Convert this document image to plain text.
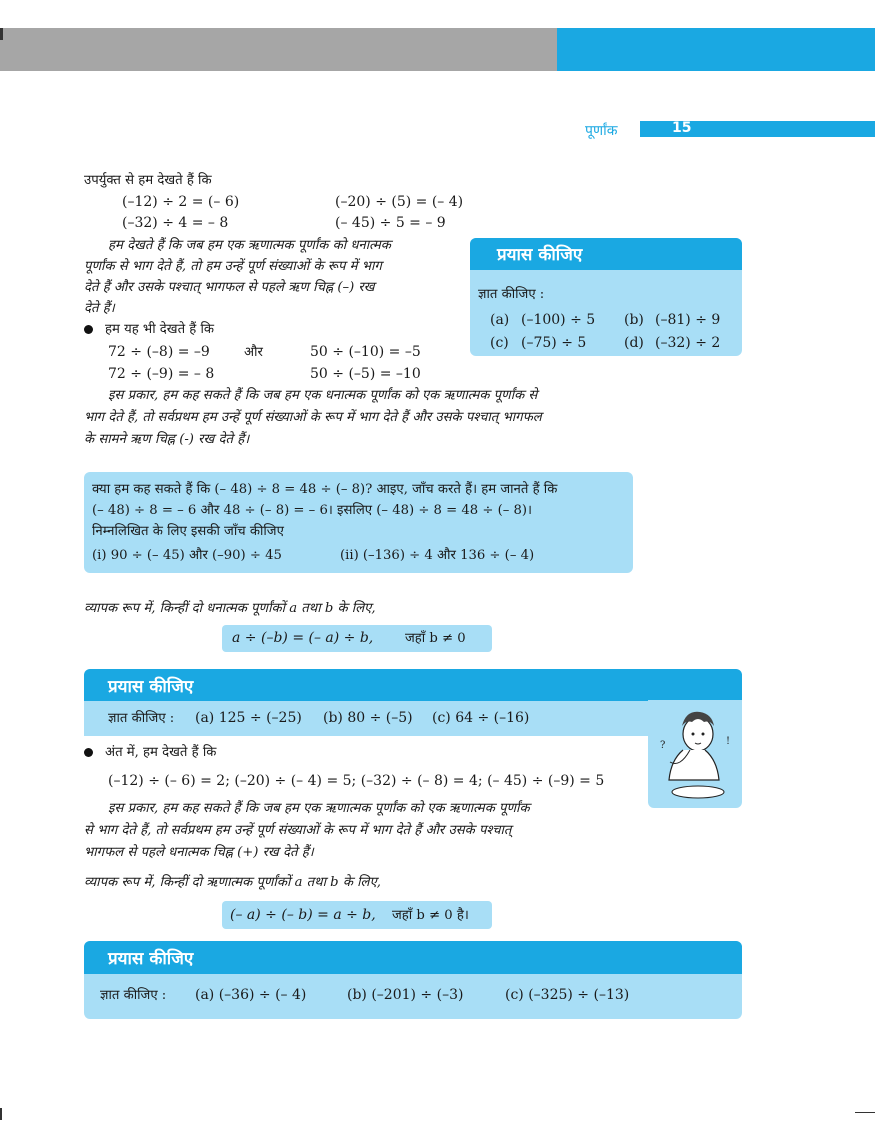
पूर्णांक	15
उपर्युक्त से हम देखते हैं कि
(–12) ÷ 2 = (– 6)	(–20) ÷ (5) = (– 4)
(–32) ÷ 4 = – 8	(– 45) ÷ 5 = – 9
हम देखते हैं कि जब हम एक ऋणात्मक पूर्णांक को धनात्मक
पूर्णांक से भाग देते हैं, तो हम उन्हें पूर्ण संख्याओं के रूप में भाग
देते हैं और उसके पश्चात् भागफल से पहले ऋण चिह्न (–) रख
देते हैं।
प्रयास कीजिए
ज्ञात कीजिए :
(a) (–100) ÷ 5 (b) (–81) ÷ 9
(c) (–75) ÷ 5	(d) (–32) ÷ 2
हम यह भी देखते हैं कि
72 ÷ (–8) = –9	और	50 ÷ (–10) = –5
72 ÷ (–9) = – 8	50 ÷ (–5) = –10
इस प्रकार, हम कह सकते हैं कि जब हम एक धनात्मक पूर्णांक को एक ऋणात्मक पूर्णांक से
भाग देते हैं, तो सर्वप्रथम हम उन्हें पूर्ण संख्याओं के रूप में भाग देते हैं और उसके पश्चात् भागफल
के सामने ऋण चिह्न (-) रख देते हैं।
क्या हम कह सकते हैं कि (– 48) ÷ 8 = 48 ÷ (– 8)? आइए, जाँच करते हैं। हम जानते हैं कि
(– 48) ÷ 8 = – 6 और 48 ÷ (– 8) = – 6। इसलिए (– 48) ÷ 8 = 48 ÷ (– 8)।
निम्नलिखित के लिए इसकी जाँच कीजिए
(i) 90 ÷ (– 45) और (–90) ÷ 45	(ii) (–136) ÷ 4 और 136 ÷ (– 4)
व्यापक रूप में, किन्हीं दो धनात्मक पूर्णांकों a तथा b के लिए,
a ÷ (–b) = (– a) ÷ b, जहाँ b ≠ 0
प्रयास कीजिए
ज्ञात कीजिए : (a) 125 ÷ (–25) (b) 80 ÷ (–5) (c) 64 ÷ (–16)
?	!
अंत में, हम देखते हैं कि
(–12) ÷ (– 6) = 2; (–20) ÷ (– 4) = 5; (–32) ÷ (– 8) = 4; (– 45) ÷ (–9) = 5
इस प्रकार, हम कह सकते हैं कि जब हम एक ऋणात्मक पूर्णांक को एक ऋणात्मक पूर्णांक
से भाग देते हैं, तो सर्वप्रथम हम उन्हें पूर्ण संख्याओं के रूप में भाग देते हैं और उसके पश्चात्
भागफल से पहले धनात्मक चिह्न (+) रख देते हैं।
व्यापक रूप में, किन्हीं दो ऋणात्मक पूर्णांकों a तथा b के लिए,
(– a) ÷ (– b) = a ÷ b, जहाँ b ≠ 0 है।
प्रयास कीजिए
ज्ञात कीजिए : (a) (–36) ÷ (– 4)	(b) (–201) ÷ (–3)	(c) (–325) ÷ (–13)
